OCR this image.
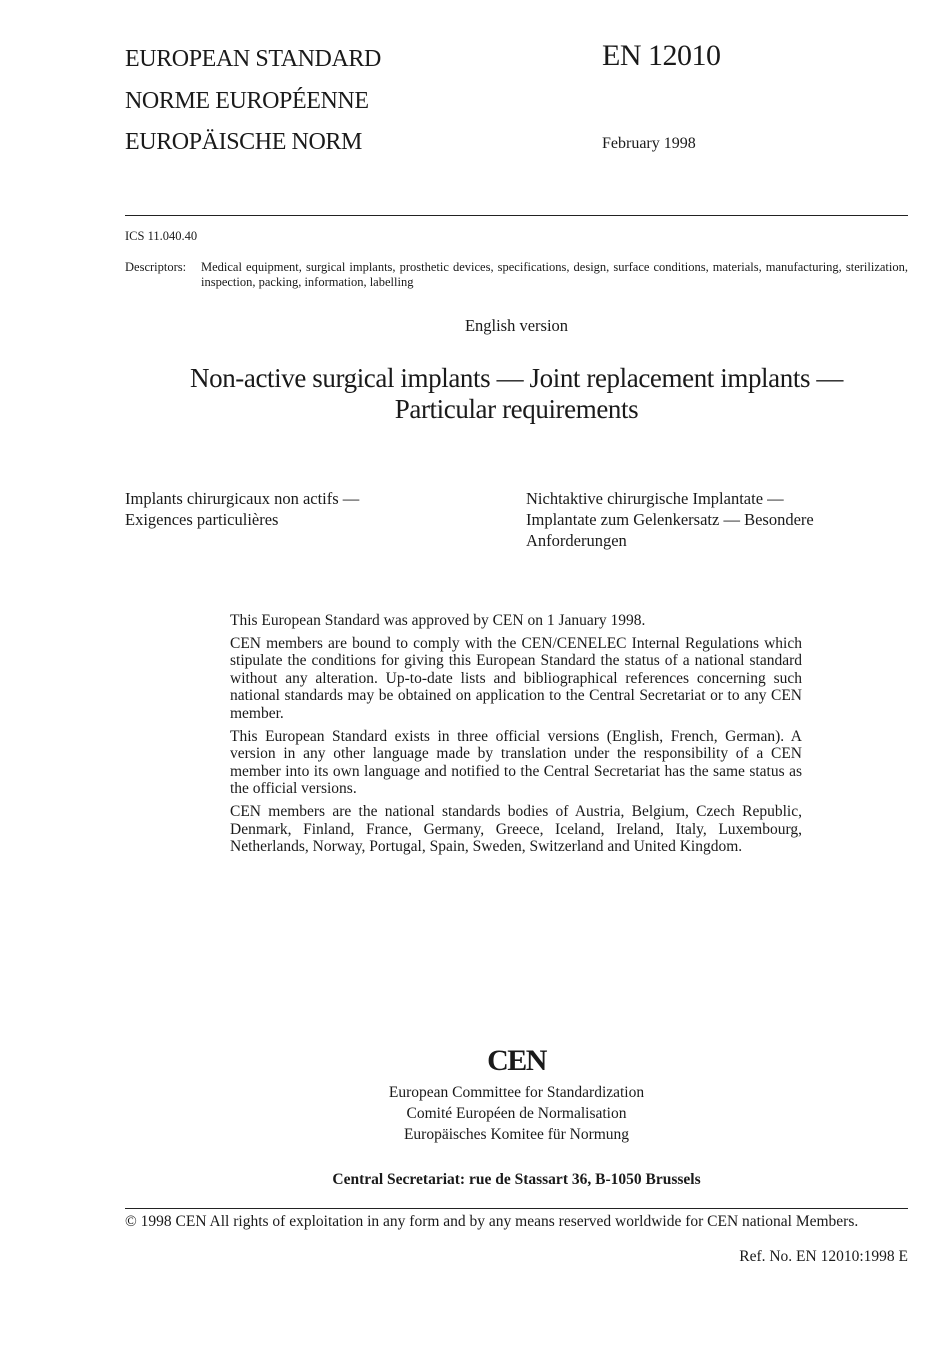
EUROPEAN STANDARD
NORME EUROPÉENNE
EUROPÄISCHE NORM
EN 12010
February 1998
ICS 11.040.40
Descriptors:	Medical equipment, surgical implants, prosthetic devices, specifications, design, surface conditions, materials, manufacturing, sterilization, inspection, packing, information, labelling
English version
Non-active surgical implants — Joint replacement implants —
Particular requirements
Implants chirurgicaux non actifs —
Exigences particulières
Nichtaktive chirurgische Implantate —
Implantate zum Gelenkersatz — Besondere
Anforderungen

This European Standard was approved by CEN on 1 January 1998.

CEN members are bound to comply with the CEN/CENELEC Internal Regulations which stipulate the conditions for giving this European Standard the status of a national standard without any alteration. Up-to-date lists and bibliographical references concerning such national standards may be obtained on application to the Central Secretariat or to any CEN member.

This European Standard exists in three official versions (English, French, German). A version in any other language made by translation under the responsibility of a CEN member into its own language and notified to the Central Secretariat has the same status as the official versions.

CEN members are the national standards bodies of Austria, Belgium, Czech Republic, Denmark, Finland, France, Germany, Greece, Iceland, Ireland, Italy, Luxembourg, Netherlands, Norway, Portugal, Spain, Sweden, Switzerland and United Kingdom.

CEN
European Committee for Standardization
Comité Européen de Normalisation
Europäisches Komitee für Normung
Central Secretariat: rue de Stassart 36, B-1050 Brussels
© 1998 CEN All rights of exploitation in any form and by any means reserved worldwide for CEN national Members.
Ref. No. EN 12010:1998 E
